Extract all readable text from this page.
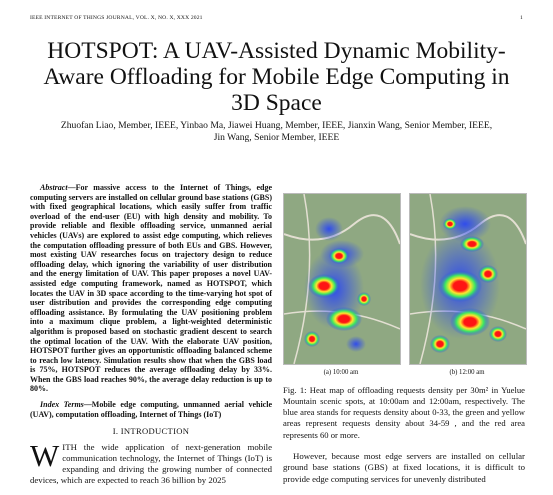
IEEE INTERNET OF THINGS JOURNAL, VOL. X, NO. X, XXX 2021	1
HOTSPOT: A UAV-Assisted Dynamic Mobility-Aware Offloading for Mobile Edge Computing in 3D Space
Zhuofan Liao, Member, IEEE, Yinbao Ma, Jiawei Huang, Member, IEEE, Jianxin Wang, Senior Member, IEEE,
Jin Wang, Senior Member, IEEE

Abstract—For massive access to the Internet of Things, edge computing servers are installed on cellular ground base stations (GBS) with fixed geographical locations, which easily suffer from traffic overload of the end-user (EU) with high density and mobility. To provide reliable and flexible offloading service, unmanned aerial vehicles (UAVs) are explored to assist edge computing, which relieves the computation offloading pressure of both EUs and GBS. However, most existing UAV researches focus on trajectory design to reduce offloading delay, which ignoring the variability of user distribution and the energy limitation of UAV. This paper proposes a novel UAV-assisted edge computing framework, named as HOTSPOT, which locates the UAV in 3D space according to the time-varying hot spot of user distribution and provides the corresponding edge computing offloading assistance. By formulating the UAV positioning problem into a maximum clique problem, a light-weighted deterministic algorithm is proposed based on stochastic gradient descent to search the optimal location of the UAV. With the elaborate UAV position, HOTSPOT further gives an opportunistic offloading balanced scheme to reach low latency. Simulation results show that when the GBS load is 75%, HOTSPOT reduces the average offloading delay by 33%. When the GBS load reaches 90%, the average delay reduction is up to 80%.

Index Terms—Mobile edge computing, unmanned aerial vehicle (UAV), computation offloading, Internet of Things (IoT)

I. INTRODUCTION
W ITH the wide application of next-generation mobile communication technology, the Internet of Things (IoT) is expanding and driving the growing number of connected devices, which are expected to reach 36 billion by 2025

(a) 10:00 am	(b) 12:00 am
Fig. 1: Heat map of offloading requests density per 30m² in Yuelue Mountain scenic spots, at 10:00am and 12:00am, respectively. The blue area stands for requests density about 0-33, the green and yellow areas represent requests density about 34-59 , and the red area represents 60 or more.
However, because most edge servers are installed on cellular ground base stations (GBS) at fixed locations, it is difficult to provide edge computing services for unevenly distributed
